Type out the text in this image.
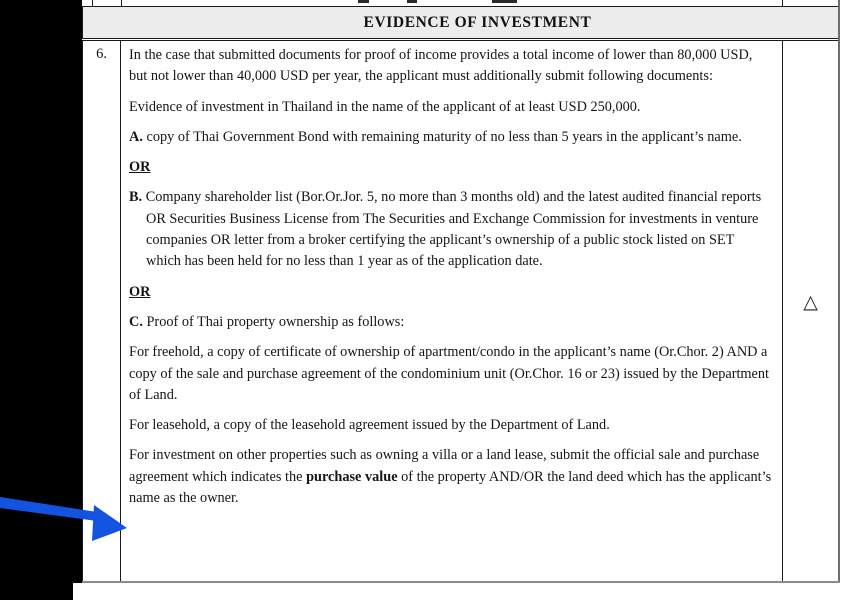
EVIDENCE OF INVESTMENT
6.	In the case that submitted documents for proof of income provides a total income of lower than 80,000 USD, but not lower than 40,000 USD per year, the applicant must additionally submit following documents:

Evidence of investment in Thailand in the name of the applicant of at least USD 250,000.

A. copy of Thai Government Bond with remaining maturity of no less than 5 years in the applicant’s name.

OR

B. Company shareholder list (Bor.Or.Jor. 5, no more than 3 months old) and the latest audited financial reports OR Securities Business License from The Securities and Exchange Commission for investments in venture companies OR letter from a broker certifying the applicant’s ownership of a public stock listed on SET which has been held for no less than 1 year as of the application date.

OR

C. Proof of Thai property ownership as follows:

For freehold, a copy of certificate of ownership of apartment/condo in the applicant’s name (Or.Chor. 2) AND a copy of the sale and purchase agreement of the condominium unit (Or.Chor. 16 or 23) issued by the Department of Land.

For leasehold, a copy of the leasehold agreement issued by the Department of Land.

For investment on other properties such as owning a villa or a land lease, submit the official sale and purchase agreement which indicates the purchase value of the property AND/OR the land deed which has the applicant’s name as the owner.

△
